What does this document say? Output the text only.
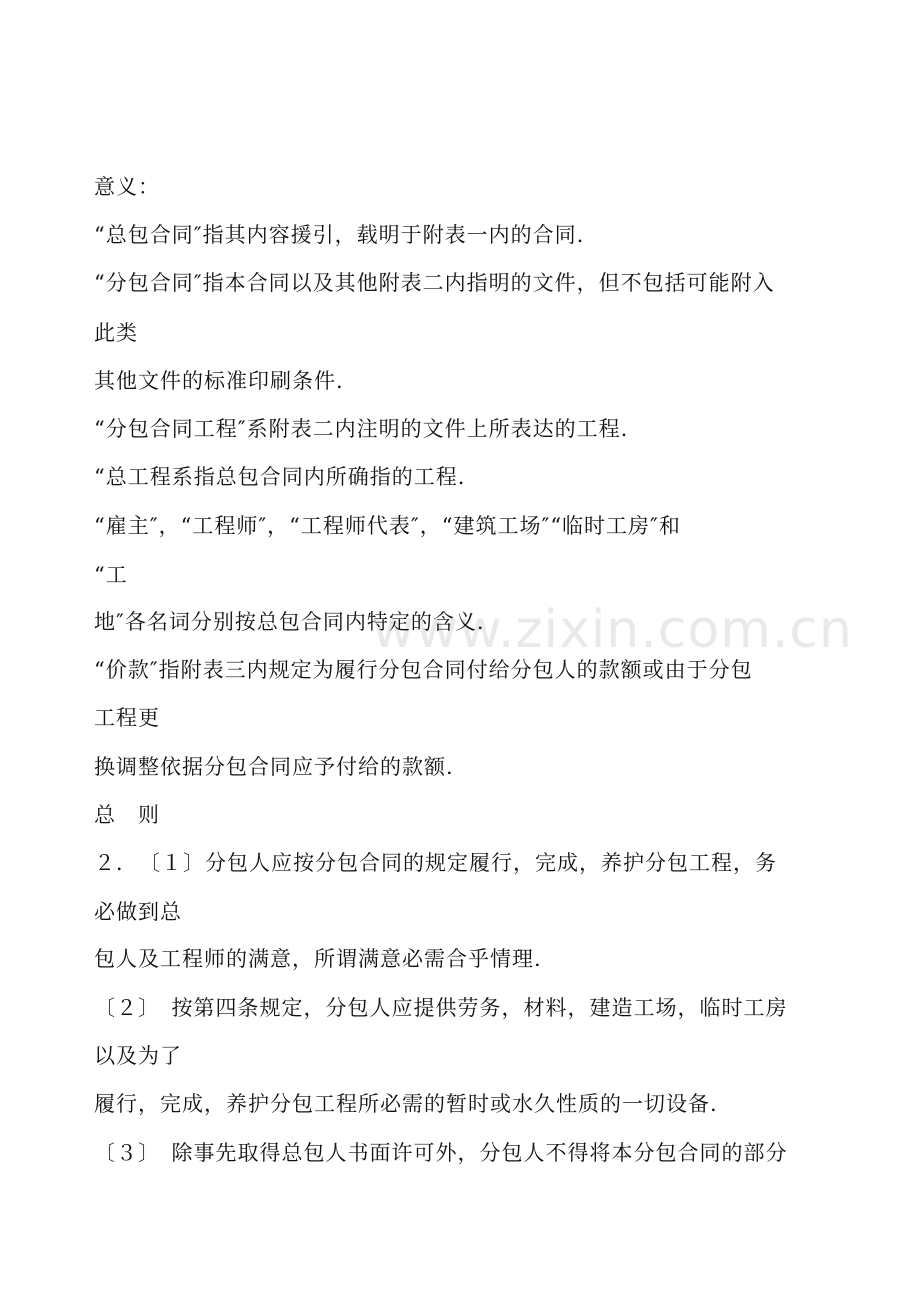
www.zixin.com.cn
意义：
“总包合同″指其内容援引，载明于附表一内的合同.
“分包合同″指本合同以及其他附表二内指明的文件，但不包括可能附入
此类
其他文件的标准印刷条件.
“分包合同工程″系附表二内注明的文件上所表达的工程.
“总工程系指总包合同内所确指的工程.
“雇主″，“工程师″，“工程师代表″，“建筑工场″“临时工房″和
“工
地″各名词分别按总包合同内特定的含义.
“价款″指附表三内规定为履行分包合同付给分包人的款额或由于分包
工程更
换调整依据分包合同应予付给的款额.
总　则
２．　〔１〕分包人应按分包合同的规定履行，完成，养护分包工程，务
必做到总
包人及工程师的满意，所谓满意必需合乎情理.
〔２〕　按第四条规定，分包人应提供劳务，材料，建造工场，临时工房
以及为了
履行，完成，养护分包工程所必需的暂时或水久性质的一切设备.
〔３〕　除事先取得总包人书面许可外，分包人不得将本分包合同的部分
